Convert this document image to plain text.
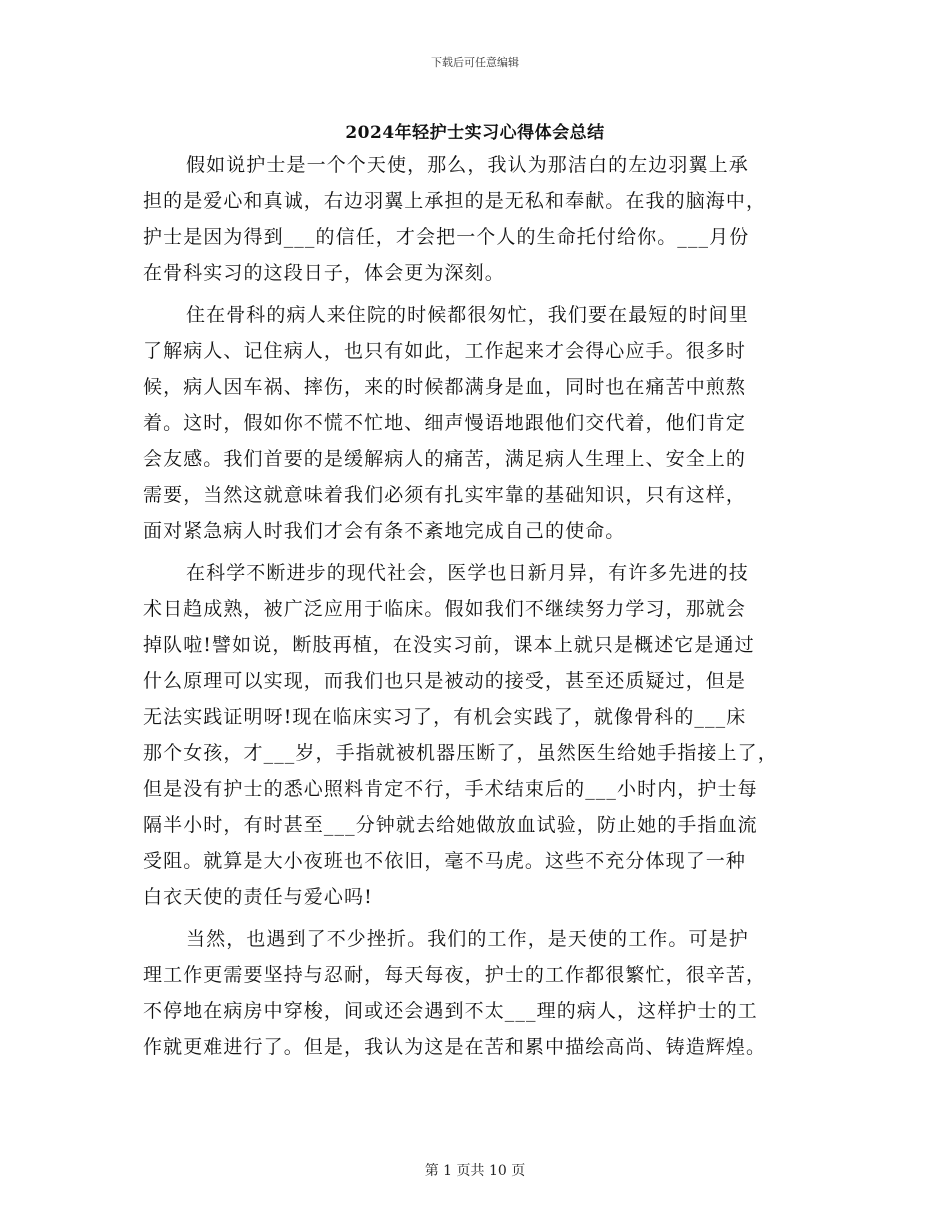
下载后可任意编辑
2024年轻护士实习心得体会总结
假如说护士是一个个天使，那么，我认为那洁白的左边羽翼上承
担的是爱心和真诚，右边羽翼上承担的是无私和奉献。在我的脑海中，
护士是因为得到___的信任，才会把一个人的生命托付给你。___月份
在骨科实习的这段日子，体会更为深刻。
住在骨科的病人来住院的时候都很匆忙，我们要在最短的时间里
了解病人、记住病人，也只有如此，工作起来才会得心应手。很多时
候，病人因车祸、摔伤，来的时候都满身是血，同时也在痛苦中煎熬
着。这时，假如你不慌不忙地、细声慢语地跟他们交代着，他们肯定
会友感。我们首要的是缓解病人的痛苦，满足病人生理上、安全上的
需要，当然这就意味着我们必须有扎实牢靠的基础知识，只有这样，
面对紧急病人时我们才会有条不紊地完成自己的使命。
在科学不断进步的现代社会，医学也日新月异，有许多先进的技
术日趋成熟，被广泛应用于临床。假如我们不继续努力学习，那就会
掉队啦!譬如说，断肢再植，在没实习前，课本上就只是概述它是通过
什么原理可以实现，而我们也只是被动的接受，甚至还质疑过，但是
无法实践证明呀!现在临床实习了，有机会实践了，就像骨科的___床
那个女孩，才___岁，手指就被机器压断了，虽然医生给她手指接上了，
但是没有护士的悉心照料肯定不行，手术结束后的___小时内，护士每
隔半小时，有时甚至___分钟就去给她做放血试验，防止她的手指血流
受阻。就算是大小夜班也不依旧，毫不马虎。这些不充分体现了一种
白衣天使的责任与爱心吗!
当然，也遇到了不少挫折。我们的工作，是天使的工作。可是护
理工作更需要坚持与忍耐，每天每夜，护士的工作都很繁忙，很辛苦，
不停地在病房中穿梭，间或还会遇到不太___理的病人，这样护士的工
作就更难进行了。但是，我认为这是在苦和累中描绘高尚、铸造辉煌。
第 1 页共 10 页
